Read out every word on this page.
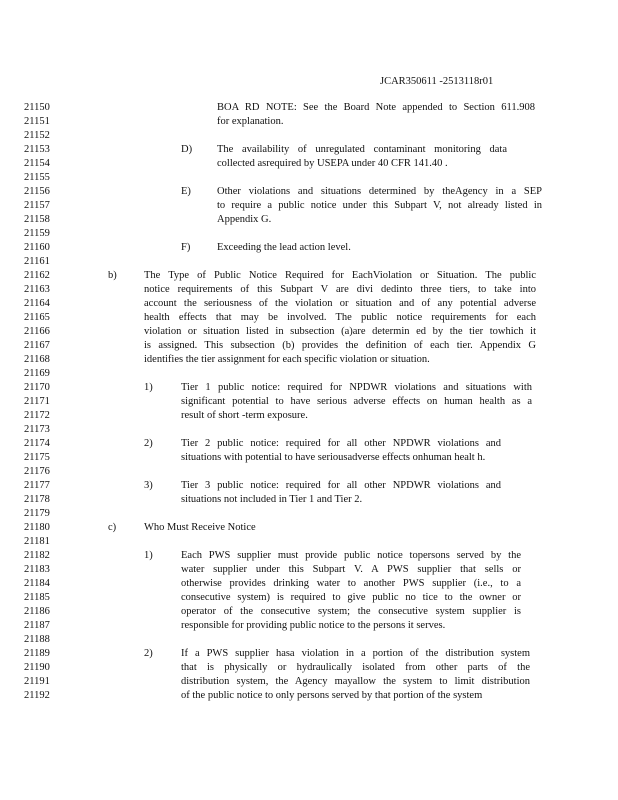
JCAR350611 -2513118r01
21150
21151
21152
21153
21154
21155
21156
21157
21158
21159
21160
21161
21162
21163
21164
21165
21166
21167
21168
21169
21170
21171
21172
21173
21174
21175
21176
21177
21178
21179
21180
21181
21182
21183
21184
21185
21186
21187
21188
21189
21190
21191
21192
BOA RD NOTE: See the Board Note appended to Section 611.908
for explanation.
D) The availability of unregulated contaminant monitoring data
collected asrequired by USEPA under 40 CFR 141.40 .
E) Other violations and situations determined by theAgency in a SEP
to require a public notice under this Subpart V, not already listed in
Appendix G.
F)	Exceeding the lead action level.
b)	The Type of Public Notice Required for EachViolation or Situation. The public
notice requirements of this Subpart V are divi dedinto three tiers, to take into
account the seriousness of the violation or situation and of any potential adverse
health effects that may be involved. The public notice requirements for each
violation or situation listed in subsection (a)are determin ed by the tier towhich it
is assigned. This subsection (b) provides the definition of each tier. Appendix G
identifies the tier assignment for each specific violation or situation.
1)	Tier 1 public notice: required for NPDWR violations and situations with
significant potential to have serious adverse effects on human health as a
result of short -term exposure.
2)	Tier 2 public notice: required for all other NPDWR violations and
situations with potential to have seriousadverse effects onhuman healt h.
3)	Tier 3 public notice: required for all other NPDWR violations and
situations not included in Tier 1 and Tier 2.
c)	Who Must Receive Notice
1)	Each PWS supplier must provide public notice topersons served by the
water supplier under this Subpart V. A PWS supplier that sells or
otherwise provides drinking water to another PWS supplier (i.e., to a
consecutive system) is required to give public no tice to the owner or
operator of the consecutive system; the consecutive system supplier is
responsible for providing public notice to the persons it serves.
2)	If a PWS supplier hasa violation in a portion of the distribution system
that is physically or hydraulically isolated from other parts of the
distribution system, the Agency mayallow the system to limit distribution
of the public notice to only persons served by that portion of the system
